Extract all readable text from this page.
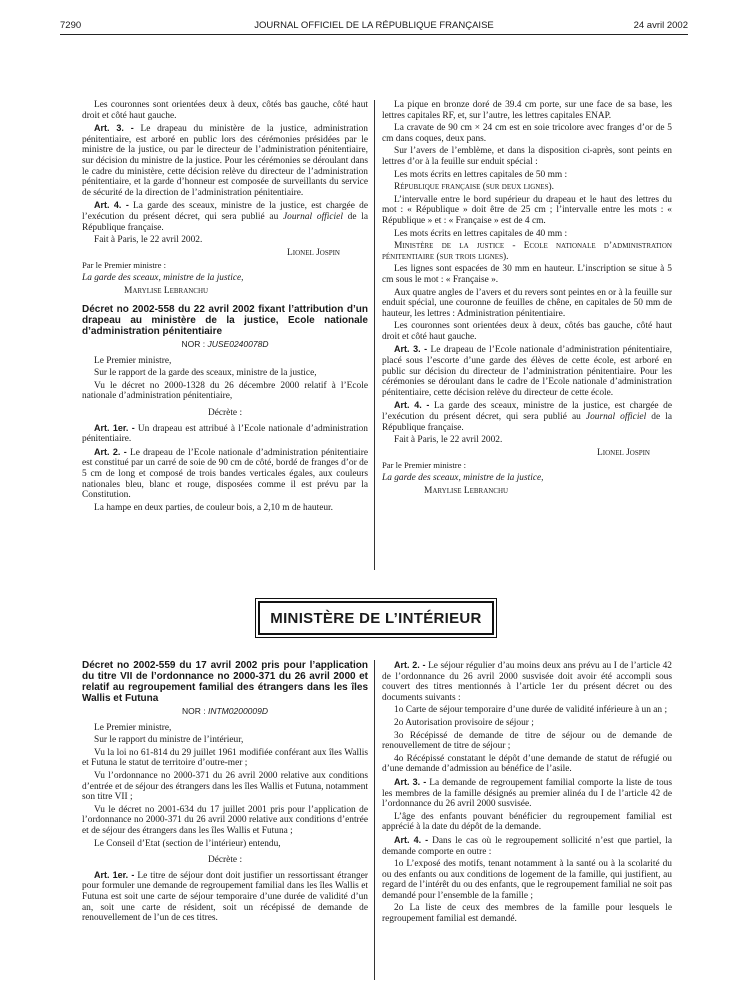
7290	JOURNAL OFFICIEL DE LA RÉPUBLIQUE FRANÇAISE	24 avril 2002

Les couronnes sont orientées deux à deux, côtés bas gauche, côté haut droit et côté haut gauche.

Art. 3. - Le drapeau du ministère de la justice, administration pénitentiaire, est arboré en public lors des cérémonies présidées par le ministre de la justice, ou par le directeur de l’administration pénitentiaire, sur décision du ministre de la justice. Pour les cérémonies se déroulant dans le cadre du ministère, cette décision relève du directeur de l’administration pénitentiaire, et la garde d’honneur est composée de surveillants du service de sécurité de la direction de l’administration pénitentiaire.

Art. 4. - La garde des sceaux, ministre de la justice, est chargée de l’exécution du présent décret, qui sera publié au Journal officiel de la République française.

Fait à Paris, le 22 avril 2002.

Lionel Jospin

Par le Premier ministre :

La garde des sceaux, ministre de la justice,

Marylise Lebranchu

Décret no 2002-558 du 22 avril 2002 fixant l’attribution d’un drapeau au ministère de la justice, Ecole nationale d’administration pénitentiaire
NOR : JUSE0240078D

Le Premier ministre,

Sur le rapport de la garde des sceaux, ministre de la justice,

Vu le décret no 2000-1328 du 26 décembre 2000 relatif à l’Ecole nationale d’administration pénitentiaire,

Décrète :

Art. 1er. - Un drapeau est attribué à l’Ecole nationale d’administration pénitentiaire.

Art. 2. - Le drapeau de l’Ecole nationale d’administration pénitentiaire est constitué par un carré de soie de 90 cm de côté, bordé de franges d’or de 5 cm de long et composé de trois bandes verticales égales, aux couleurs nationales bleu, blanc et rouge, disposées comme il est prévu par la Constitution.

La hampe en deux parties, de couleur bois, a 2,10 m de hauteur.

La pique en bronze doré de 39.4 cm porte, sur une face de sa base, les lettres capitales RF, et, sur l’autre, les lettres capitales ENAP.

La cravate de 90 cm × 24 cm est en soie tricolore avec franges d’or de 5 cm dans coques, deux pans.

Sur l’avers de l’emblème, et dans la disposition ci-après, sont peints en lettres d’or à la feuille sur enduit spécial :

Les mots écrits en lettres capitales de 50 mm :

République française (sur deux lignes).

L’intervalle entre le bord supérieur du drapeau et le haut des lettres du mot : « République » doit être de 25 cm ; l’intervalle entre les mots : « République » et : « Française » est de 4 cm.

Les mots écrits en lettres capitales de 40 mm :

Ministère de la justice - Ecole nationale d’administration pénitentiaire (sur trois lignes).

Les lignes sont espacées de 30 mm en hauteur. L’inscription se situe à 5 cm sous le mot : « Française ».

Aux quatre angles de l’avers et du revers sont peintes en or à la feuille sur enduit spécial, une couronne de feuilles de chêne, en capitales de 50 mm de hauteur, les lettres : Administration pénitentiaire.

Les couronnes sont orientées deux à deux, côtés bas gauche, côté haut droit et côté haut gauche.

Art. 3. - Le drapeau de l’Ecole nationale d’administration pénitentiaire, placé sous l’escorte d’une garde des élèves de cette école, est arboré en public sur décision du directeur de l’administration pénitentiaire. Pour les cérémonies se déroulant dans le cadre de l’Ecole nationale d’administration pénitentiaire, cette décision relève du directeur de cette école.

Art. 4. - La garde des sceaux, ministre de la justice, est chargée de l’exécution du présent décret, qui sera publié au Journal officiel de la République française.

Fait à Paris, le 22 avril 2002.

Lionel Jospin

Par le Premier ministre :

La garde des sceaux, ministre de la justice,

Marylise Lebranchu

MINISTÈRE DE L’INTÉRIEUR
Décret no 2002-559 du 17 avril 2002 pris pour l’application du titre VII de l’ordonnance no 2000-371 du 26 avril 2000 et relatif au regroupement familial des étrangers dans les îles Wallis et Futuna
NOR : INTM0200009D

Le Premier ministre,

Sur le rapport du ministre de l’intérieur,

Vu la loi no 61-814 du 29 juillet 1961 modifiée conférant aux îles Wallis et Futuna le statut de territoire d’outre-mer ;

Vu l’ordonnance no 2000-371 du 26 avril 2000 relative aux conditions d’entrée et de séjour des étrangers dans les îles Wallis et Futuna, notamment son titre VII ;

Vu le décret no 2001-634 du 17 juillet 2001 pris pour l’application de l’ordonnance no 2000-371 du 26 avril 2000 relative aux conditions d’entrée et de séjour des étrangers dans les îles Wallis et Futuna ;

Le Conseil d’Etat (section de l’intérieur) entendu,

Décrète :

Art. 1er. - Le titre de séjour dont doit justifier un ressortissant étranger pour formuler une demande de regroupement familial dans les îles Wallis et Futuna est soit une carte de séjour temporaire d’une durée de validité d’un an, soit une carte de résident, soit un récépissé de demande de renouvellement de l’un de ces titres.

Art. 2. - Le séjour régulier d’au moins deux ans prévu au I de l’article 42 de l’ordonnance du 26 avril 2000 susvisée doit avoir été accompli sous couvert des titres mentionnés à l’article 1er du présent décret ou des documents suivants :

1o Carte de séjour temporaire d’une durée de validité inférieure à un an ;

2o Autorisation provisoire de séjour ;

3o Récépissé de demande de titre de séjour ou de demande de renouvellement de titre de séjour ;

4o Récépissé constatant le dépôt d’une demande de statut de réfugié ou d’une demande d’admission au bénéfice de l’asile.

Art. 3. - La demande de regroupement familial comporte la liste de tous les membres de la famille désignés au premier alinéa du I de l’article 42 de l’ordonnance du 26 avril 2000 susvisée.

L’âge des enfants pouvant bénéficier du regroupement familial est apprécié à la date du dépôt de la demande.

Art. 4. - Dans le cas où le regroupement sollicité n’est que partiel, la demande comporte en outre :

1o L’exposé des motifs, tenant notamment à la santé ou à la scolarité du ou des enfants ou aux conditions de logement de la famille, qui justifient, au regard de l’intérêt du ou des enfants, que le regroupement familial ne soit pas demandé pour l’ensemble de la famille ;

2o La liste de ceux des membres de la famille pour lesquels le regroupement familial est demandé.
